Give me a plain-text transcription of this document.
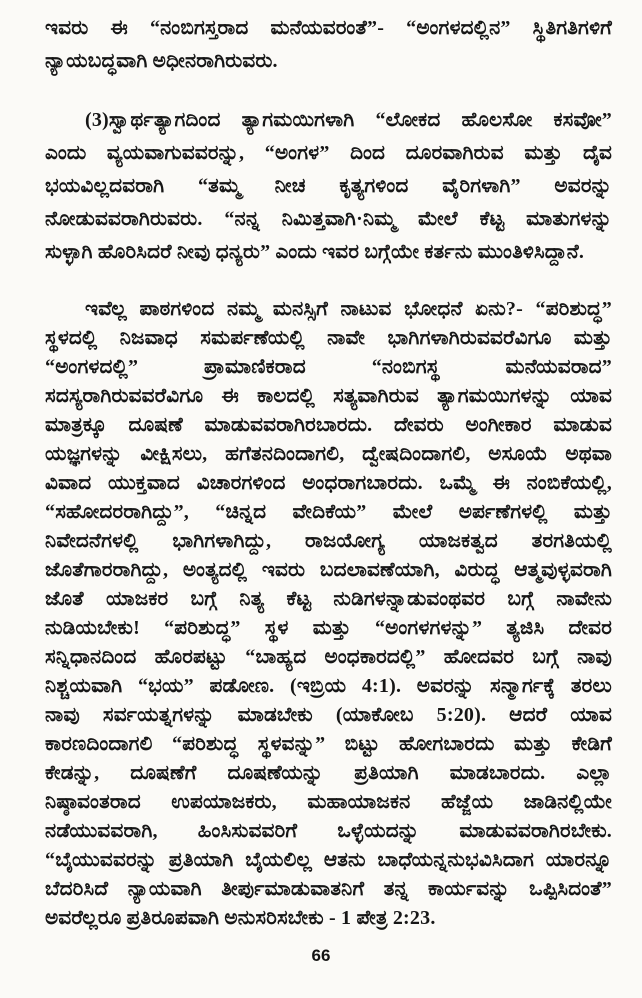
ಇವರು ಈ “ನಂಬಿಗಸ್ತರಾದ ಮನೆಯವರಂತೆ”- “ಅಂಗಳದಲ್ಲಿನ” ಸ್ಥಿತಿಗತಿಗಳಿಗೆ
ನ್ಯಾಯಬದ್ಧವಾಗಿ ಅಧೀನರಾಗಿರುವರು.
(3)ಸ್ವಾರ್ಥತ್ಯಾಗದಿಂದ ತ್ಯಾಗಮಯಿಗಳಾಗಿ “ಲೋಕದ ಹೊಲಸೋ ಕಸವೋ”
ಎಂದು ವ್ಯಯವಾಗುವವರನ್ನು, “ಅಂಗಳ” ದಿಂದ ದೂರವಾಗಿರುವ ಮತ್ತು ದೈವ
ಭಯವಿಲ್ಲದವರಾಗಿ “ತಮ್ಮ ನೀಚ ಕೃತ್ಯಗಳಿಂದ ವೈರಿಗಳಾಗಿ” ಅವರನ್ನು
ನೋಡುವವರಾಗಿರುವರು. “ನನ್ನ ನಿಮಿತ್ತವಾಗಿ·ನಿಮ್ಮ ಮೇಲೆ ಕೆಟ್ಟ ಮಾತುಗಳನ್ನು
ಸುಳ್ಳಾಗಿ ಹೊರಿಸಿದರೆ ನೀವು ಧನ್ಯರು” ಎಂದು ಇವರ ಬಗ್ಗೆಯೇ ಕರ್ತನು ಮುಂತಿಳಿಸಿದ್ದಾನೆ.
ಇವೆಲ್ಲ ಪಾಠಗಳಿಂದ ನಮ್ಮ ಮನಸ್ಸಿಗೆ ನಾಟುವ ಭೋಧನೆ ಏನು?- “ಪರಿಶುದ್ಧ”
ಸ್ಥಳದಲ್ಲಿ ನಿಜವಾಧ ಸಮರ್ಪಣೆಯಲ್ಲಿ ನಾವೇ ಭಾಗಿಗಳಾಗಿರುವವರೆವಿಗೂ ಮತ್ತು
“ಅಂಗಳದಲ್ಲಿ” ಪ್ರಾಮಾಣಿಕರಾದ “ನಂಬಿಗಸ್ಥ ಮನೆಯವರಾದ”
ಸದಸ್ಯರಾಗಿರುವವರೆವಿಗೂ ಈ ಕಾಲದಲ್ಲಿ ಸತ್ಯವಾಗಿರುವ ತ್ಯಾಗಮಯಿಗಳನ್ನು ಯಾವ
ಮಾತ್ರಕ್ಕೂ ದೂಷಣೆ ಮಾಡುವವರಾಗಿರಬಾರದು. ದೇವರು ಅಂಗೀಕಾರ ಮಾಡುವ
ಯಜ್ಞಗಳನ್ನು ವೀಕ್ಷಿಸಲು, ಹಗೆತನದಿಂದಾಗಲಿ, ದ್ವೇಷದಿಂದಾಗಲಿ, ಅಸೂಯೆ ಅಥವಾ
ವಿವಾದ ಯುಕ್ತವಾದ ವಿಚಾರಗಳಿಂದ ಅಂಧರಾಗಬಾರದು. ಒಮ್ಮೆ ಈ ನಂಬಿಕೆಯಲ್ಲಿ,
“ಸಹೋದರರಾಗಿದ್ದು”, “ಚಿನ್ನದ ವೇದಿಕೆಯ” ಮೇಲೆ ಅರ್ಪಣೆಗಳಲ್ಲಿ ಮತ್ತು
ನಿವೇದನೆಗಳಲ್ಲಿ ಭಾಗಿಗಳಾಗಿದ್ದು, ರಾಜಯೋಗ್ಯ ಯಾಜಕತ್ವದ ತರಗತಿಯಲ್ಲಿ
ಜೊತೆಗಾರರಾಗಿದ್ದು, ಅಂತ್ಯದಲ್ಲಿ ಇವರು ಬದಲಾವಣೆಯಾಗಿ, ವಿರುದ್ಧ ಆತ್ಮವುಳ್ಳವರಾಗಿ
ಜೊತೆ ಯಾಜಕರ ಬಗ್ಗೆ ನಿತ್ಯ ಕೆಟ್ಟ ನುಡಿಗಳನ್ನಾಡುವಂಥವರ ಬಗ್ಗೆ ನಾವೇನು
ನುಡಿಯಬೇಕು! “ಪರಿಶುದ್ಧ” ಸ್ಥಳ ಮತ್ತು “ಅಂಗಳಗಳನ್ನು” ತ್ಯಜಿಸಿ ದೇವರ
ಸನ್ನಿಧಾನದಿಂದ ಹೊರಪಟ್ಟು “ಬಾಹ್ಯದ ಅಂಧಕಾರದಲ್ಲಿ” ಹೋದವರ ಬಗ್ಗೆ ನಾವು
ನಿಶ್ಚಯವಾಗಿ “ಭಯ” ಪಡೋಣ. (ಇಬ್ರಿಯ 4:1). ಅವರನ್ನು ಸನ್ಮಾರ್ಗಕ್ಕೆ ತರಲು
ನಾವು ಸರ್ವಯತ್ನಗಳನ್ನು ಮಾಡಬೇಕು (ಯಾಕೋಬ 5:20). ಆದರೆ ಯಾವ
ಕಾರಣದಿಂದಾಗಲಿ “ಪರಿಶುದ್ಧ ಸ್ಥಳವನ್ನು” ಬಿಟ್ಟು ಹೋಗಬಾರದು ಮತ್ತು ಕೇಡಿಗೆ
ಕೇಡನ್ನು, ದೂಷಣೆಗೆ ದೂಷಣೆಯನ್ನು ಪ್ರತಿಯಾಗಿ ಮಾಡಬಾರದು. ಎಲ್ಲಾ
ನಿಷ್ಠಾವಂತರಾದ ಉಪಯಾಜಕರು, ಮಹಾಯಾಜಕನ ಹೆಜ್ಜೆಯ ಜಾಡಿನಲ್ಲಿಯೇ
ನಡೆಯುವವರಾಗಿ, ಹಿಂಸಿಸುವವರಿಗೆ ಒಳ್ಳೆಯದನ್ನು ಮಾಡುವವರಾಗಿರಬೇಕು.
“ಬೈಯುವವರನ್ನು ಪ್ರತಿಯಾಗಿ ಬೈಯಲಿಲ್ಲ ಆತನು ಬಾಧೆಯನ್ನನುಭವಿಸಿದಾಗ ಯಾರನ್ನೂ
ಬೆದರಿಸಿದೆ ನ್ಯಾಯವಾಗಿ ತೀರ್ಪುಮಾಡುವಾತನಿಗೆ ತನ್ನ ಕಾರ್ಯವನ್ನು ಒಪ್ಪಿಸಿದಂತೆ”
ಅವರೆಲ್ಲರೂ ಪ್ರತಿರೂಪವಾಗಿ ಅನುಸರಿಸಬೇಕು - 1 ಪೇತ್ರ 2:23.
66
